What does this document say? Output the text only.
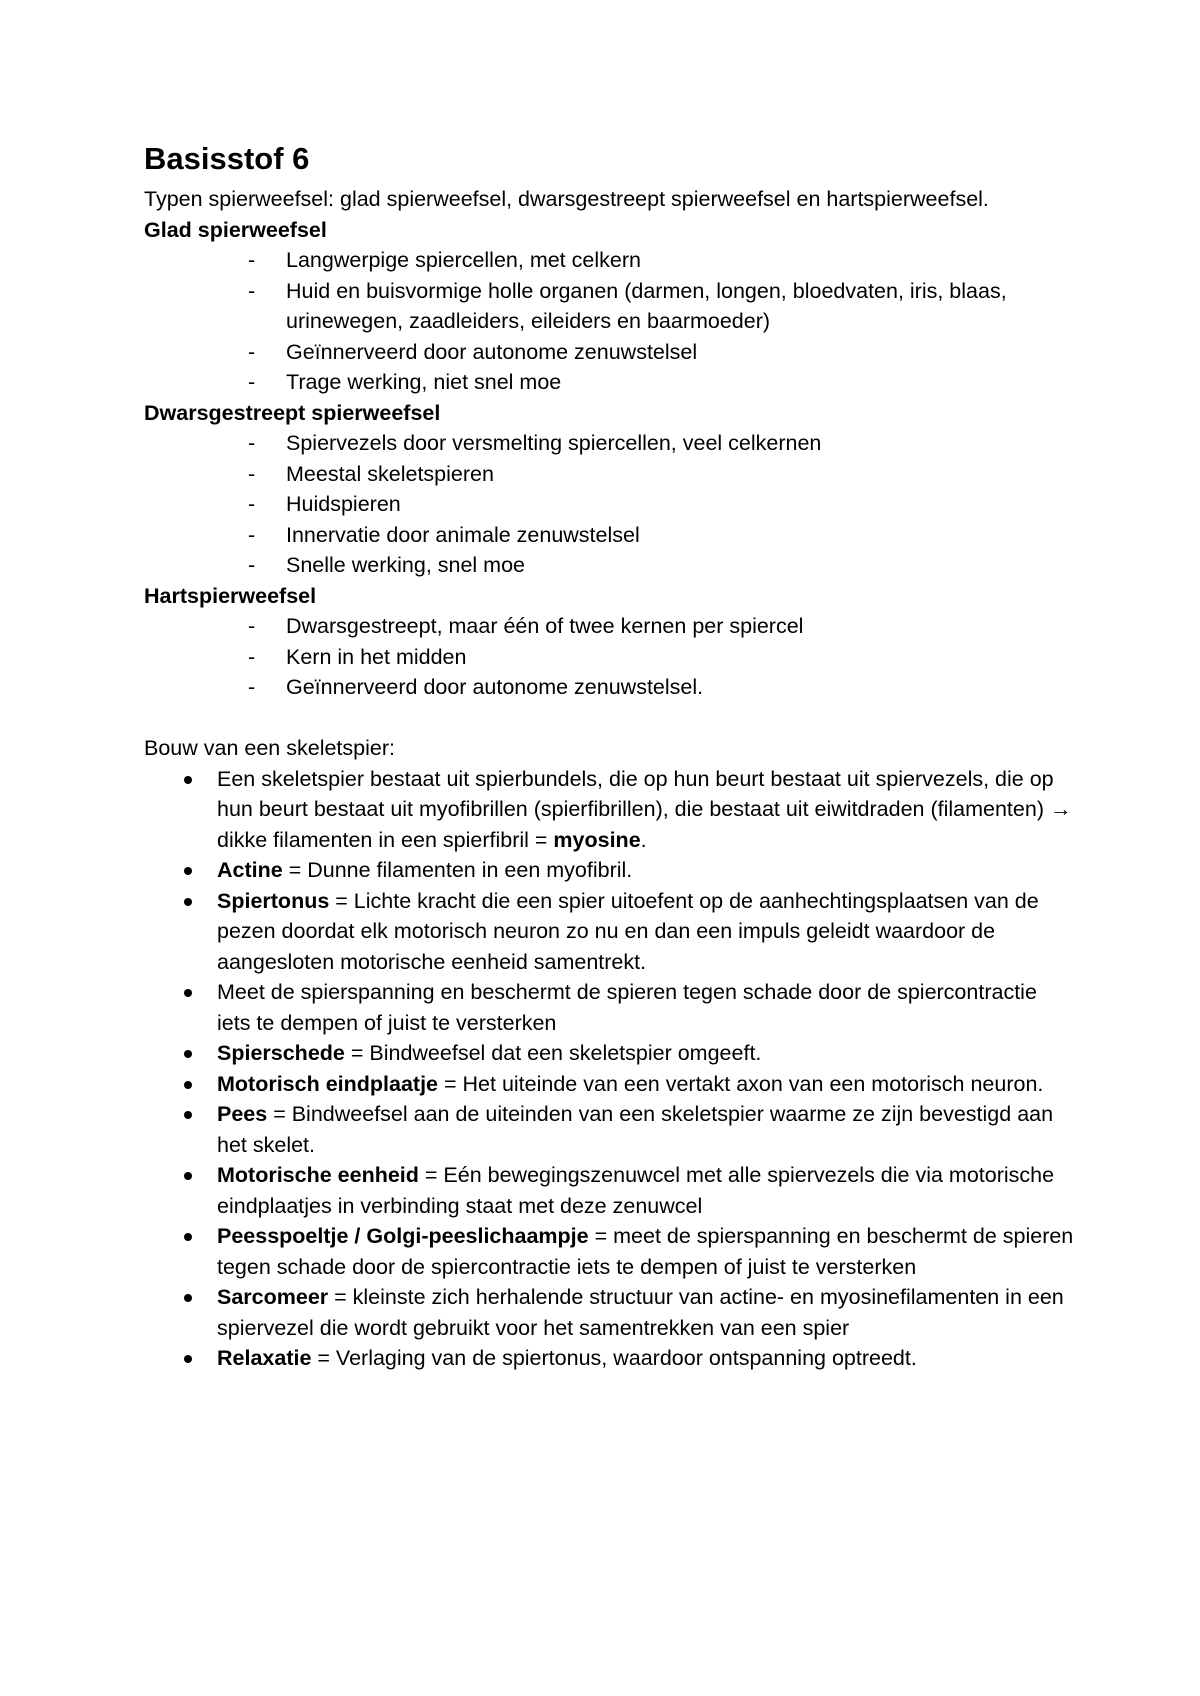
Basisstof 6

Typen spierweefsel: glad spierweefsel, dwarsgestreept spierweefsel en hartspierweefsel.

Glad spierweefsel

- Langwerpige spiercellen, met celkern
- Huid en buisvormige holle organen (darmen, longen, bloedvaten, iris, blaas, urinewegen, zaadleiders, eileiders en baarmoeder)
- Geïnnerveerd door autonome zenuwstelsel
- Trage werking, niet snel moe

Dwarsgestreept spierweefsel

- Spiervezels door versmelting spiercellen, veel celkernen
- Meestal skeletspieren
- Huidspieren
- Innervatie door animale zenuwstelsel
- Snelle werking, snel moe

Hartspierweefsel

- Dwarsgestreept, maar één of twee kernen per spiercel
- Kern in het midden
- Geïnnerveerd door autonome zenuwstelsel.

Bouw van een skeletspier:

Een skeletspier bestaat uit spierbundels, die op hun beurt bestaat uit spiervezels, die op hun beurt bestaat uit myofibrillen (spierfibrillen), die bestaat uit eiwitdraden (filamenten) → dikke filamenten in een spierfibril = myosine.
Actine = Dunne filamenten in een myofibril.
Spiertonus = Lichte kracht die een spier uitoefent op de aanhechtingsplaatsen van de pezen doordat elk motorisch neuron zo nu en dan een impuls geleidt waardoor de aangesloten motorische eenheid samentrekt.
Meet de spierspanning en beschermt de spieren tegen schade door de spiercontractie iets te dempen of juist te versterken
Spierschede = Bindweefsel dat een skeletspier omgeeft.
Motorisch eindplaatje = Het uiteinde van een vertakt axon van een motorisch neuron.
Pees = Bindweefsel aan de uiteinden van een skeletspier waarme ze zijn bevestigd aan het skelet.
Motorische eenheid = Eén bewegingszenuwcel met alle spiervezels die via motorische eindplaatjes in verbinding staat met deze zenuwcel
Peesspoeltje / Golgi-peeslichaampje = meet de spierspanning en beschermt de spieren tegen schade door de spiercontractie iets te dempen of juist te versterken
Sarcomeer = kleinste zich herhalende structuur van actine- en myosinefilamenten in een spiervezel die wordt gebruikt voor het samentrekken van een spier
Relaxatie = Verlaging van de spiertonus, waardoor ontspanning optreedt.
